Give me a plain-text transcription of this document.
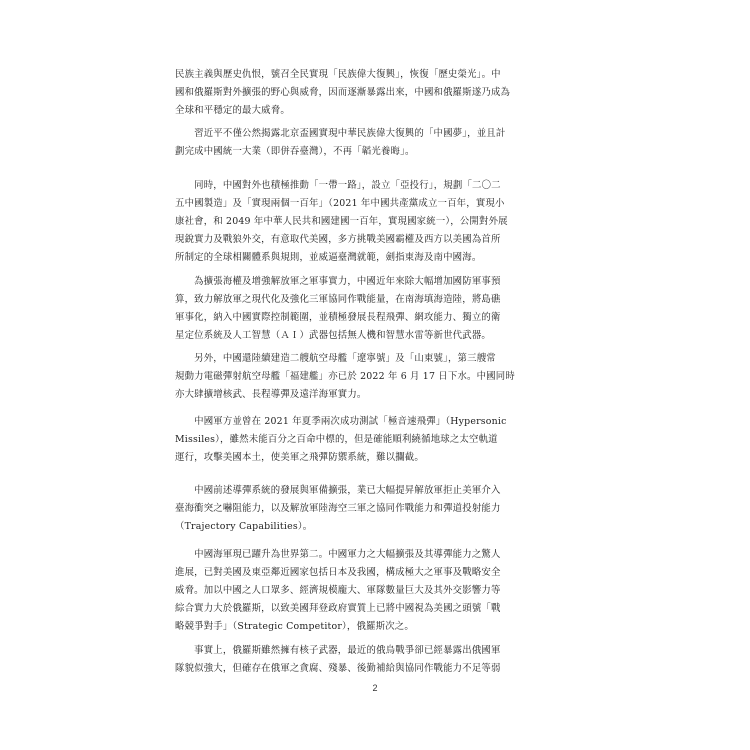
民族主義與歷史仇恨，號召全民實現「民族偉大復興」，恢復「歷史榮光」。中
國和俄羅斯對外擴張的野心與威脅，因而逐漸暴露出來，中國和俄羅斯遂乃成為
全球和平穩定的最大威脅。

　　習近平不僅公然揭露北京盃國實現中華民族偉大復興的「中國夢」，並且計
劃完成中國統一大業（即併吞臺灣），不再「韜光養晦」。

　　同時，中國對外也積極推動「一帶一路」，設立「亞投行」，規劃「二〇二
五中國製造」及「實現兩個一百年」（2021 年中國共產黨成立一百年，實現小
康社會，和 2049 年中華人民共和國建國一百年，實現國家統一），公開對外展
現銳實力及戰狼外交，有意取代美國，多方挑戰美國霸權及西方以美國為首所
所制定的全球相關體系與規則，並威逼臺灣就範，劍指東海及南中國海。

　　為擴張海權及增強解放軍之軍事實力，中國近年來除大幅增加國防軍事預
算，致力解放軍之現代化及強化三軍協同作戰能量，在南海填海造陸，將島礁
軍事化，納入中國實際控制範圍，並積極發展長程飛彈、網攻能力、獨立的衛
星定位系統及人工智慧（ＡＩ）武器包括無人機和智慧水雷等新世代武器。

　　另外，中國還陸續建造二艘航空母艦「遼寧號」及「山東號」，第三艘常
規動力電磁彈射航空母艦「福建艦」亦已於 2022 年 6 月 17 日下水。中國同時
亦大肆擴增核武、長程導彈及遠洋海軍實力。

　　中國軍方並曾在 2021 年夏季兩次成功測試「極音速飛彈」（Hypersonic
Missiles），雖然未能百分之百命中標的，但是確能順利繞循地球之太空軌道
運行，攻擊美國本土，使美軍之飛彈防禦系統，難以攔截。

　　中國前述導彈系統的發展與軍備擴張，業已大幅提昇解放軍拒止美軍介入
臺海衝突之嚇阻能力，以及解放軍陸海空三軍之協同作戰能力和彈道投射能力
（Trajectory Capabilities）。

　　中國海軍現已躍升為世界第二。中國軍力之大幅擴張及其導彈能力之驚人
進展，已對美國及東亞鄰近國家包括日本及我國，構成極大之軍事及戰略安全
威脅。加以中國之人口眾多、經濟規模龐大、軍隊數量巨大及其外交影響力等
綜合實力大於俄羅斯，以致美國拜登政府實質上已將中國視為美國之頭號「戰
略競爭對手」（Strategic Competitor），俄羅斯次之。

　　事實上，俄羅斯雖然擁有核子武器，最近的俄烏戰爭卻已經暴露出俄國軍
隊貌似強大，但確存在俄軍之貪腐、殘暴、後勤補給與協同作戰能力不足等弱

2
